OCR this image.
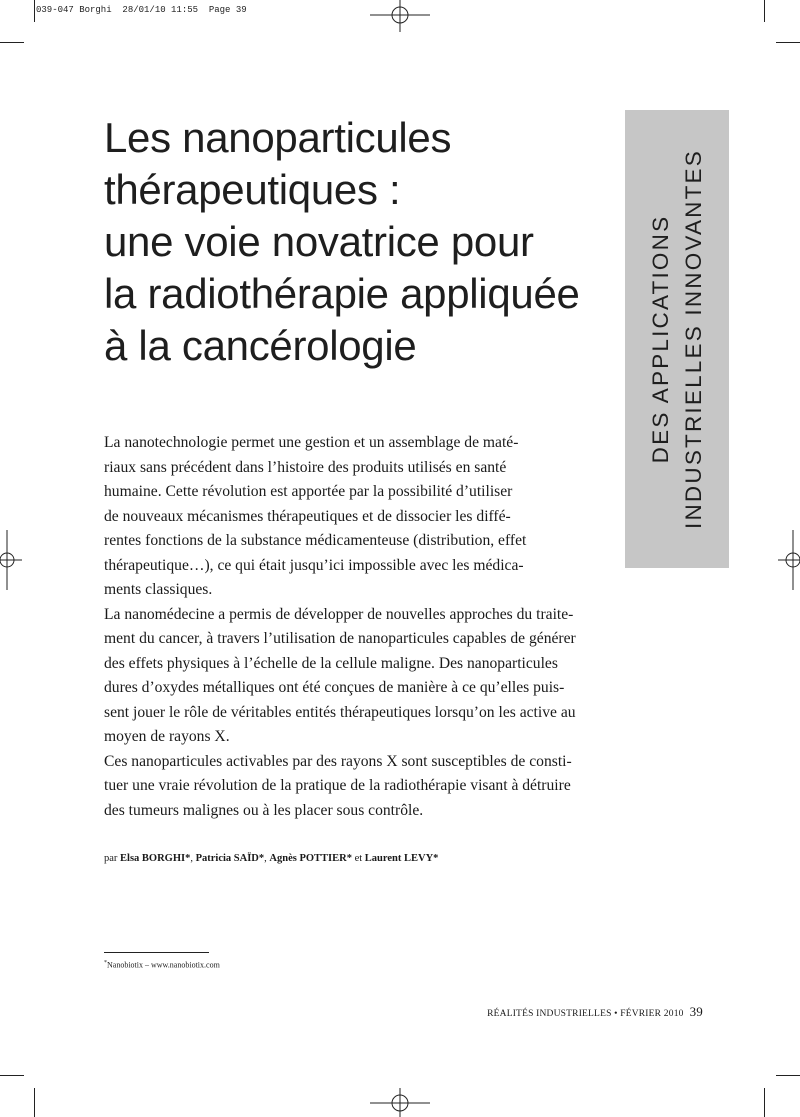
039-047 Borghi  28/01/10 11:55  Page 39
Les nanoparticules
thérapeutiques :
une voie novatrice pour
la radiothérapie appliquée
à la cancérologie	DES APPLICATIONS INDUSTRIELLES INNOVANTES
La nanotechnologie permet une gestion et un assemblage de maté-
riaux sans précédent dans l’histoire des produits utilisés en santé
humaine. Cette révolution est apportée par la possibilité d’utiliser
de nouveaux mécanismes thérapeutiques et de dissocier les diffé-
rentes fonctions de la substance médicamenteuse (distribution, effet
thérapeutique…), ce qui était jusqu’ici impossible avec les médica-
ments classiques.
La nanomédecine a permis de développer de nouvelles approches du traite-
ment du cancer, à travers l’utilisation de nanoparticules capables de générer
des effets physiques à l’échelle de la cellule maligne. Des nanoparticules
dures d’oxydes métalliques ont été conçues de manière à ce qu’elles puis-
sent jouer le rôle de véritables entités thérapeutiques lorsqu’on les active au
moyen de rayons X.
Ces nanoparticules activables par des rayons X sont susceptibles de consti-
tuer une vraie révolution de la pratique de la radiothérapie visant à détruire
des tumeurs malignes ou à les placer sous contrôle.
par Elsa BORGHI*, Patricia SAÏD*, Agnès POTTIER* et Laurent LEVY*
*Nanobiotix – www.nanobiotix.com
RÉALITÉS INDUSTRIELLES • FÉVRIER 2010 39
